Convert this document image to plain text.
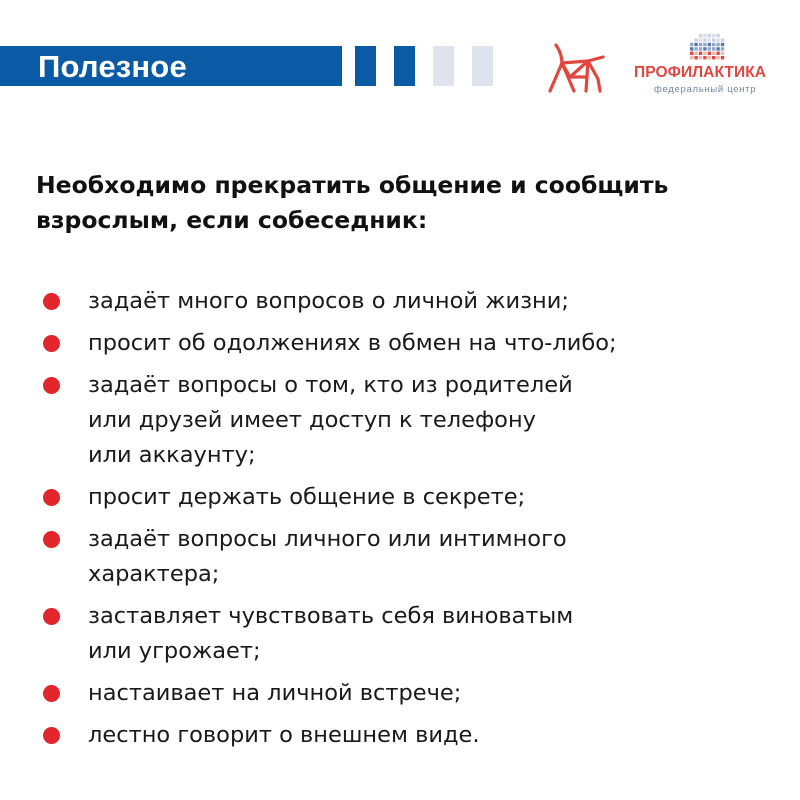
Полезное	ПРОФИЛАКТИКА
федеральный центр
Необходимо прекратить общение и сообщить взрослым, если собеседник:
задаёт много вопросов о личной жизни;
просит об одолжениях в обмен на что-либо;
задаёт вопросы о том, кто из родителей
или друзей имеет доступ к телефону
или аккаунту;
просит держать общение в секрете;
задаёт вопросы личного или интимного
характера;
заставляет чувствовать себя виноватым
или угрожает;
настаивает на личной встрече;
лестно говорит о внешнем виде.
